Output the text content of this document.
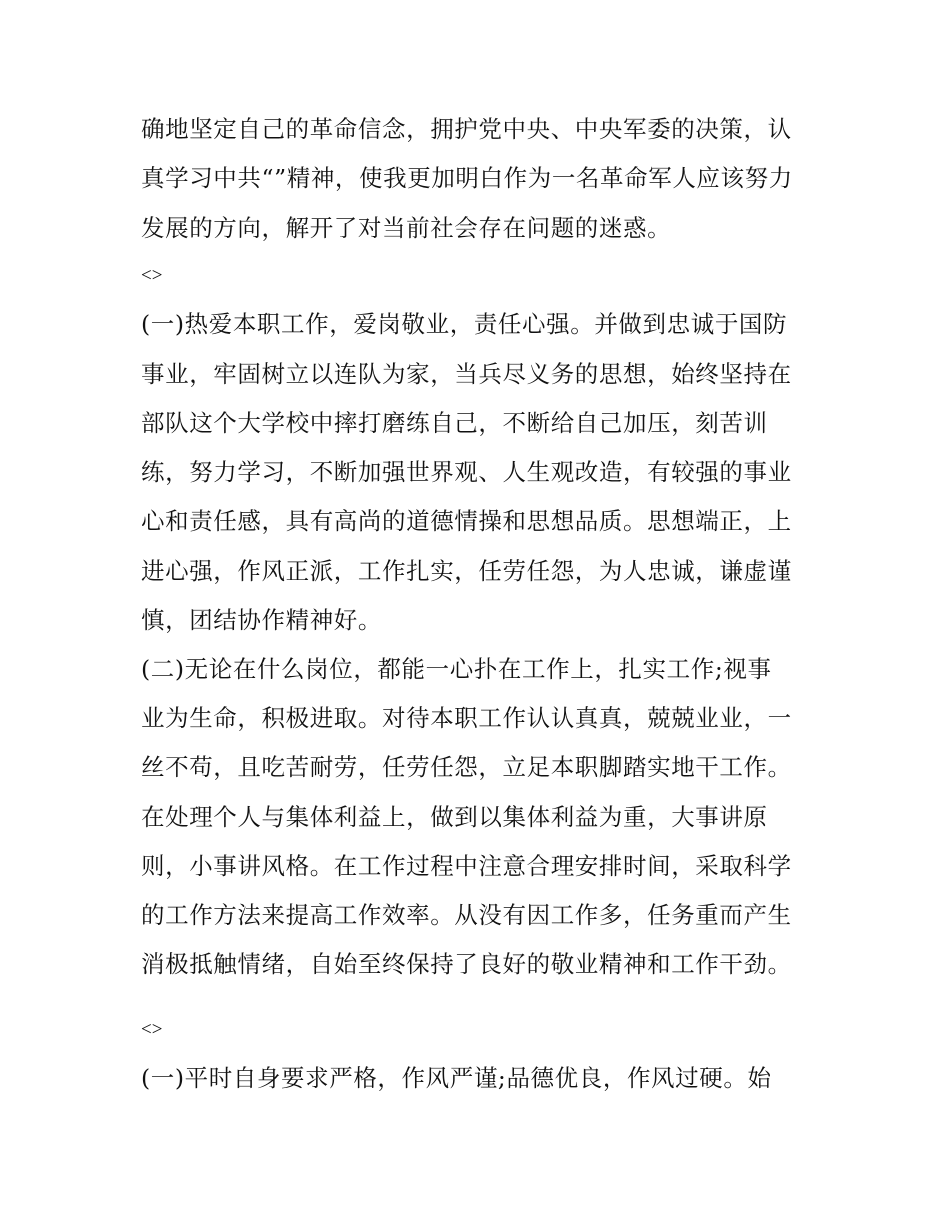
确地坚定自己的革命信念，拥护党中央、中央军委的决策，认
真学习中共“”精神，使我更加明白作为一名革命军人应该努力
发展的方向，解开了对当前社会存在问题的迷惑。
<>
(一)热爱本职工作，爱岗敬业，责任心强。并做到忠诚于国防
事业，牢固树立以连队为家，当兵尽义务的思想，始终坚持在
部队这个大学校中摔打磨练自己，不断给自己加压，刻苦训
练，努力学习，不断加强世界观、人生观改造，有较强的事业
心和责任感，具有高尚的道德情操和思想品质。思想端正，上
进心强，作风正派，工作扎实，任劳任怨，为人忠诚，谦虚谨
慎，团结协作精神好。
(二)无论在什么岗位，都能一心扑在工作上，扎实工作;视事
业为生命，积极进取。对待本职工作认认真真，兢兢业业，一
丝不苟，且吃苦耐劳，任劳任怨，立足本职脚踏实地干工作。
在处理个人与集体利益上，做到以集体利益为重，大事讲原
则，小事讲风格。在工作过程中注意合理安排时间，采取科学
的工作方法来提高工作效率。从没有因工作多，任务重而产生
消极抵触情绪，自始至终保持了良好的敬业精神和工作干劲。
<>
(一)平时自身要求严格，作风严谨;品德优良，作风过硬。始
